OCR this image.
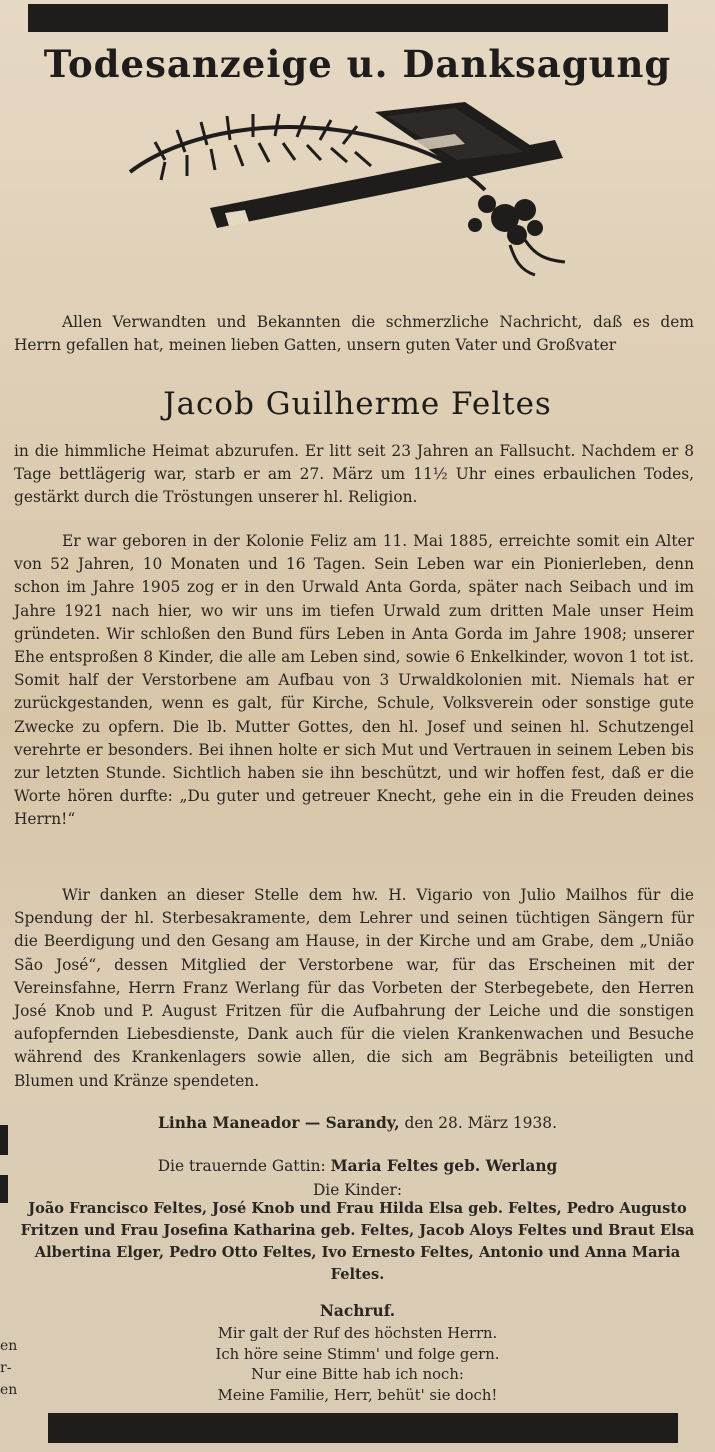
Todesanzeige u. Danksagung

Allen Verwandten und Bekannten die schmerzliche Nachricht, daß es dem Herrn gefallen hat, meinen lieben Gatten, unsern guten Vater und Großvater

Jacob Guilherme Feltes

in die himmliche Heimat abzurufen. Er litt seit 23 Jahren an Fallsucht. Nachdem er 8 Tage bettlägerig war, starb er am 27. März um 11½ Uhr eines erbaulichen Todes, gestärkt durch die Tröstungen unserer hl. Religion.

Er war geboren in der Kolonie Feliz am 11. Mai 1885, erreichte somit ein Alter von 52 Jahren, 10 Monaten und 16 Tagen. Sein Leben war ein Pionierleben, denn schon im Jahre 1905 zog er in den Urwald Anta Gorda, später nach Seibach und im Jahre 1921 nach hier, wo wir uns im tiefen Urwald zum dritten Male unser Heim gründeten. Wir schloßen den Bund fürs Leben in Anta Gorda im Jahre 1908; unserer Ehe entsproßen 8 Kinder, die alle am Leben sind, sowie 6 Enkelkinder, wovon 1 tot ist. Somit half der Verstorbene am Aufbau von 3 Urwaldkolonien mit. Niemals hat er zurückgestanden, wenn es galt, für Kirche, Schule, Volksverein oder sonstige gute Zwecke zu opfern. Die lb. Mutter Gottes, den hl. Josef und seinen hl. Schutzengel verehrte er besonders. Bei ihnen holte er sich Mut und Vertrauen in seinem Leben bis zur letzten Stunde. Sichtlich haben sie ihn beschützt, und wir hoffen fest, daß er die Worte hören durfte: „Du guter und getreuer Knecht, gehe ein in die Freuden deines Herrn!“

Wir danken an dieser Stelle dem hw. H. Vigario von Julio Mailhos für die Spendung der hl. Sterbesakramente, dem Lehrer und seinen tüchtigen Sängern für die Beerdigung und den Gesang am Hause, in der Kirche und am Grabe, dem „União São José“, dessen Mitglied der Verstorbene war, für das Erscheinen mit der Vereinsfahne, Herrn Franz Werlang für das Vorbeten der Sterbegebete, den Herren José Knob und P. August Fritzen für die Aufbahrung der Leiche und die sonstigen aufopfernden Liebesdienste, Dank auch für die vielen Krankenwachen und Besuche während des Krankenlagers sowie allen, die sich am Begräbnis beteiligten und Blumen und Kränze spendeten.

Linha Maneador — Sarandy, den 28. März 1938.
Die trauernde Gattin: Maria Feltes geb. Werlang
Die Kinder:
João Francisco Feltes, José Knob und Frau Hilda Elsa geb. Feltes, Pedro Augusto Fritzen und Frau Josefina Katharina geb. Feltes, Jacob Aloys Feltes und Braut Elsa Albertina Elger, Pedro Otto Feltes, Ivo Ernesto Feltes, Antonio und Anna Maria Feltes.
Nachruf.
Mir galt der Ruf des höchsten Herrn.
Ich höre seine Stimm' und folge gern.
Nur eine Bitte hab ich noch:
Meine Familie, Herr, behüt' sie doch!
en
r-
en
